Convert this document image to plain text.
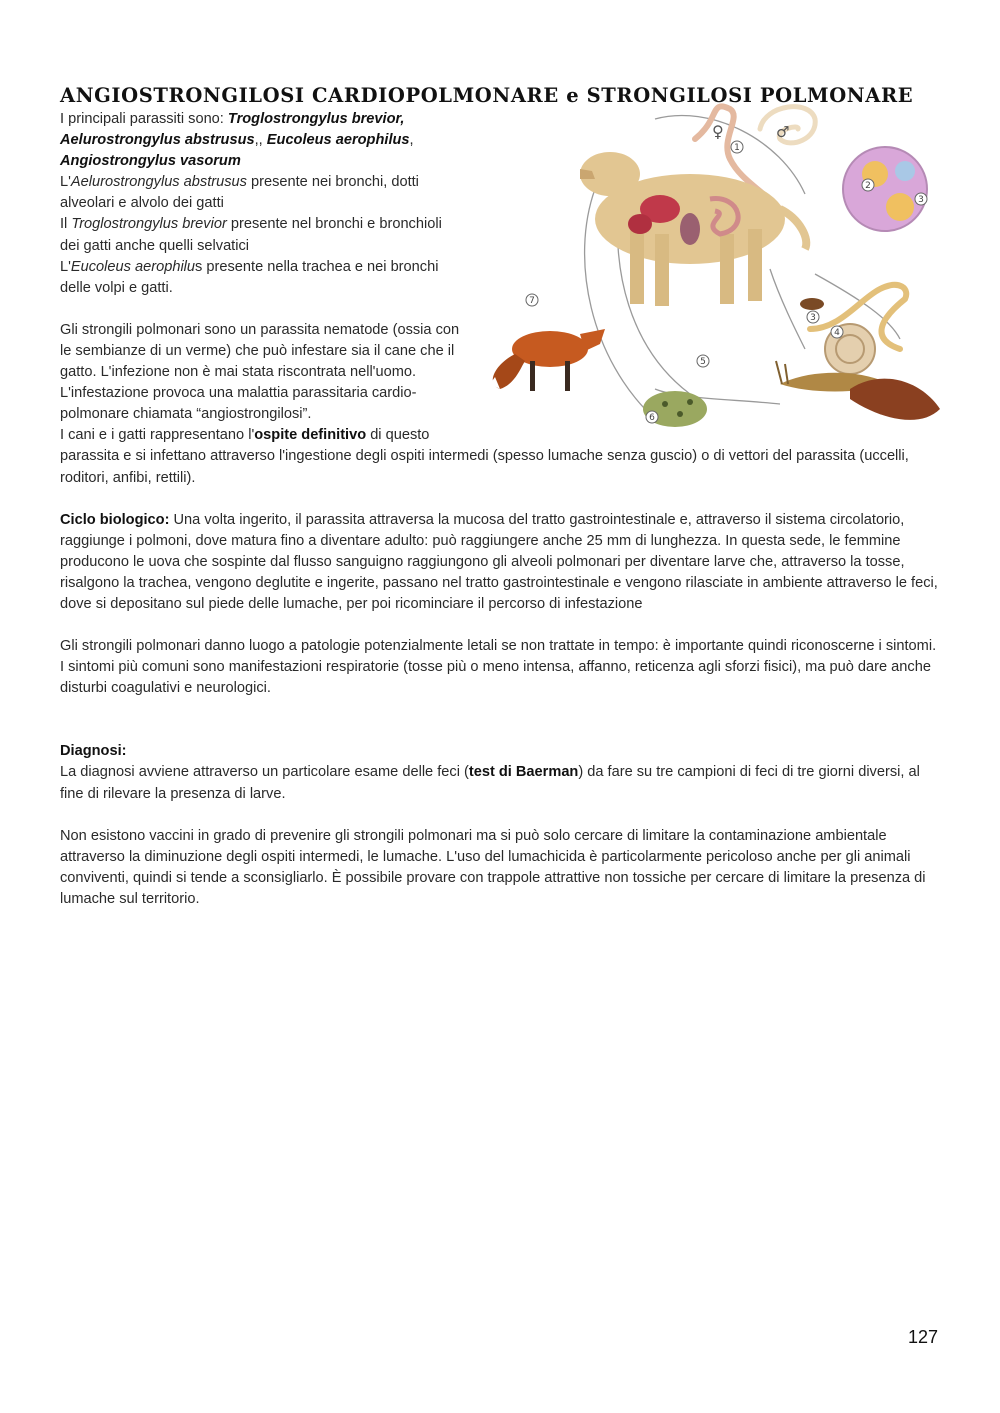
ANGIOSTRONGILOSI CARDIOPOLMONARE e STRONGILOSI POLMONARE
♀	♂
1
2
3
3
4
5
6
7

I principali parassiti sono: Troglostrongylus brevior, Aelurostrongylus abstrusus,, Eucoleus aerophilus, Angiostrongylus vasorum

L'Aelurostrongylus abstrusus presente nei bronchi, dotti alveolari e alvolo dei gatti

Il Troglostrongylus brevior presente nel bronchi e bronchioli dei gatti anche quelli selvatici

L'Eucoleus aerophilus presente nella trachea e nei bronchi delle volpi e gatti.

Gli strongili polmonari sono un parassita nematode (ossia con le sembianze di un verme) che può infestare sia il cane che il gatto. L'infezione non è mai stata riscontrata nell'uomo. L'infestazione provoca una malattia parassitaria cardio-polmonare chiamata “angiostrongilosi”.

I cani e i gatti rappresentano l'ospite definitivo di questo parassita e si infettano attraverso l'ingestione degli ospiti intermedi (spesso lumache senza guscio) o di vettori del parassita (uccelli, roditori, anfibi, rettili).

Ciclo biologico: Una volta ingerito, il parassita attraversa la mucosa del tratto gastrointestinale e, attraverso il sistema circolatorio, raggiunge i polmoni, dove matura fino a diventare adulto: può raggiungere anche 25 mm di lunghezza. In questa sede, le femmine producono le uova che sospinte dal flusso sanguigno raggiungono gli alveoli polmonari per diventare larve che, attraverso la tosse, risalgono la trachea, vengono deglutite e ingerite, passano nel tratto gastrointestinale e vengono rilasciate in ambiente attraverso le feci, dove si depositano sul piede delle lumache, per poi ricominciare il percorso di infestazione

Gli strongili polmonari danno luogo a patologie potenzialmente letali se non trattate in tempo: è importante quindi riconoscerne i sintomi. I sintomi più comuni sono manifestazioni respiratorie (tosse più o meno intensa, affanno, reticenza agli sforzi fisici), ma può dare anche disturbi coagulativi e neurologici.

Diagnosi:

La diagnosi avviene attraverso un particolare esame delle feci (test di Baerman) da fare su tre campioni di feci di tre giorni diversi, al fine di rilevare la presenza di larve.

Non esistono vaccini in grado di prevenire gli strongili polmonari ma si può solo cercare di limitare la contaminazione ambientale attraverso la diminuzione degli ospiti intermedi, le lumache. L'uso del lumachicida è particolarmente pericoloso anche per gli animali conviventi, quindi si tende a sconsigliarlo. È possibile provare con trappole attrattive non tossiche per cercare di limitare la presenza di lumache sul territorio.

127
